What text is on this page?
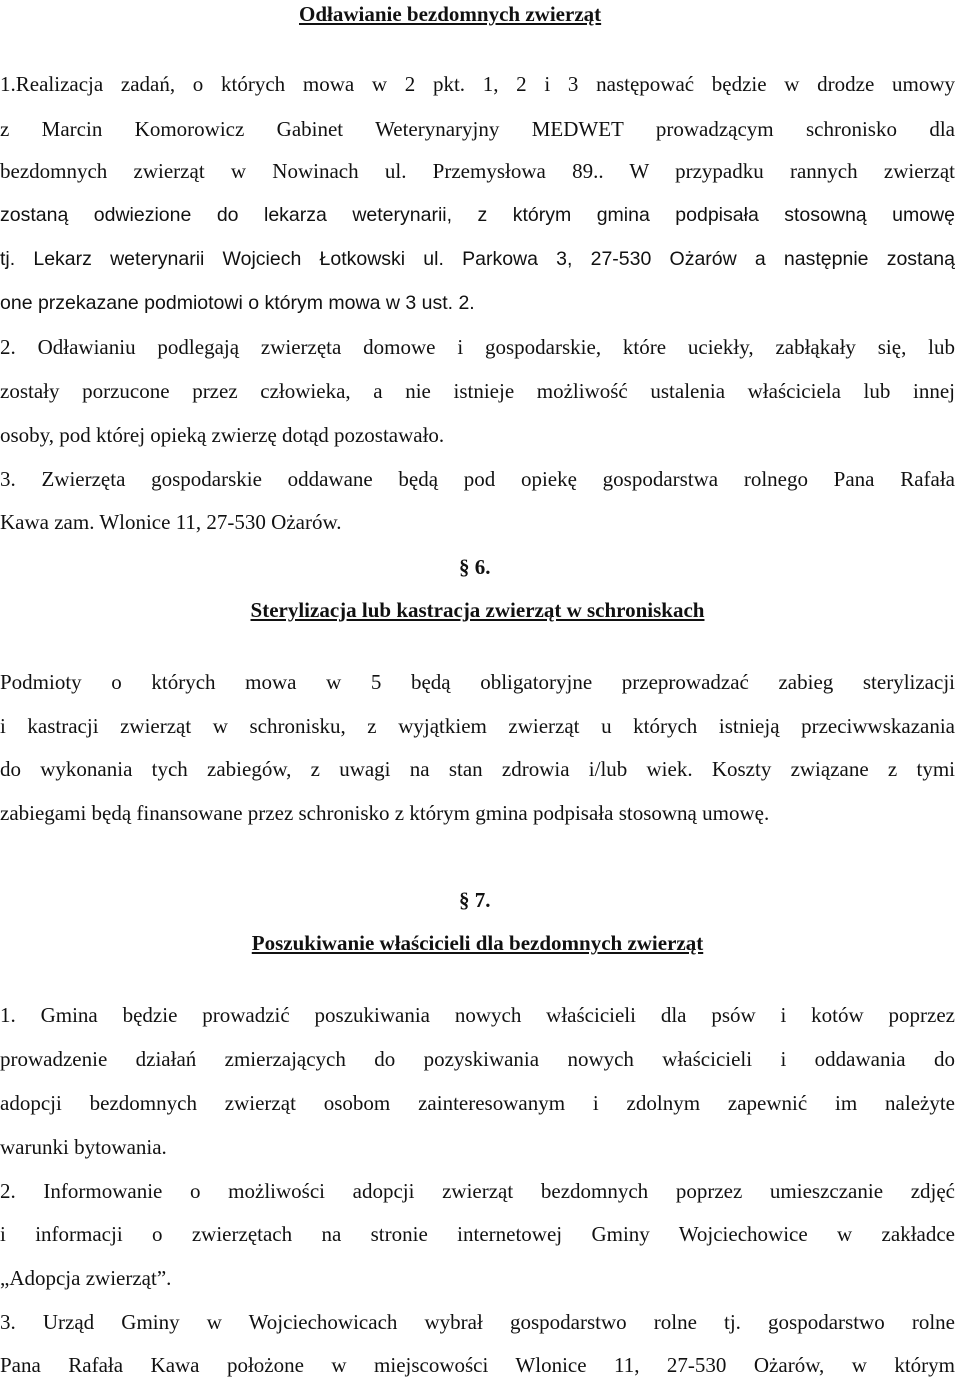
Odławianie bezdomnych zwierząt
1.Realizacja zadań, o których mowa w 2 pkt. 1, 2 i 3 następować będzie w drodze umowy
z Marcin Komorowicz Gabinet Weterynaryjny MEDWET prowadzącym schronisko dla
bezdomnych zwierząt w Nowinach ul. Przemysłowa 89.. W przypadku rannych zwierząt
zostaną odwiezione do lekarza weterynarii, z którym gmina podpisała stosowną umowę
tj. Lekarz weterynarii Wojciech Łotkowski ul. Parkowa 3, 27-530 Ożarów a następnie zostaną
one przekazane podmiotowi o którym mowa w 3 ust. 2.
2. Odławianiu podlegają zwierzęta domowe i gospodarskie, które uciekły, zabłąkały się, lub
zostały porzucone przez człowieka, a nie istnieje możliwość ustalenia właściciela lub innej
osoby, pod której opieką zwierzę dotąd pozostawało.
3. Zwierzęta gospodarskie oddawane będą pod opiekę gospodarstwa rolnego Pana Rafała
Kawa zam. Wlonice 11, 27-530 Ożarów.
§ 6.
Sterylizacja lub kastracja zwierząt w schroniskach
Podmioty o których mowa w 5 będą obligatoryjne przeprowadzać zabieg sterylizacji
i kastracji zwierząt w schronisku, z wyjątkiem zwierząt u których istnieją przeciwwskazania
do wykonania tych zabiegów, z uwagi na stan zdrowia i/lub wiek. Koszty związane z tymi
zabiegami będą finansowane przez schronisko z którym gmina podpisała stosowną umowę.
§ 7.
Poszukiwanie właścicieli dla bezdomnych zwierząt
1. Gmina będzie prowadzić poszukiwania nowych właścicieli dla psów i kotów poprzez
prowadzenie działań zmierzających do pozyskiwania nowych właścicieli i oddawania do
adopcji bezdomnych zwierząt osobom zainteresowanym i zdolnym zapewnić im należyte
warunki bytowania.
2. Informowanie o możliwości adopcji zwierząt bezdomnych poprzez umieszczanie zdjęć
i informacji o zwierzętach na stronie internetowej Gminy Wojciechowice w zakładce
„Adopcja zwierząt”.
3. Urząd Gminy w Wojciechowicach wybrał gospodarstwo rolne tj. gospodarstwo rolne
Pana Rafała Kawa położone w miejscowości Wlonice 11, 27-530 Ożarów, w którym
